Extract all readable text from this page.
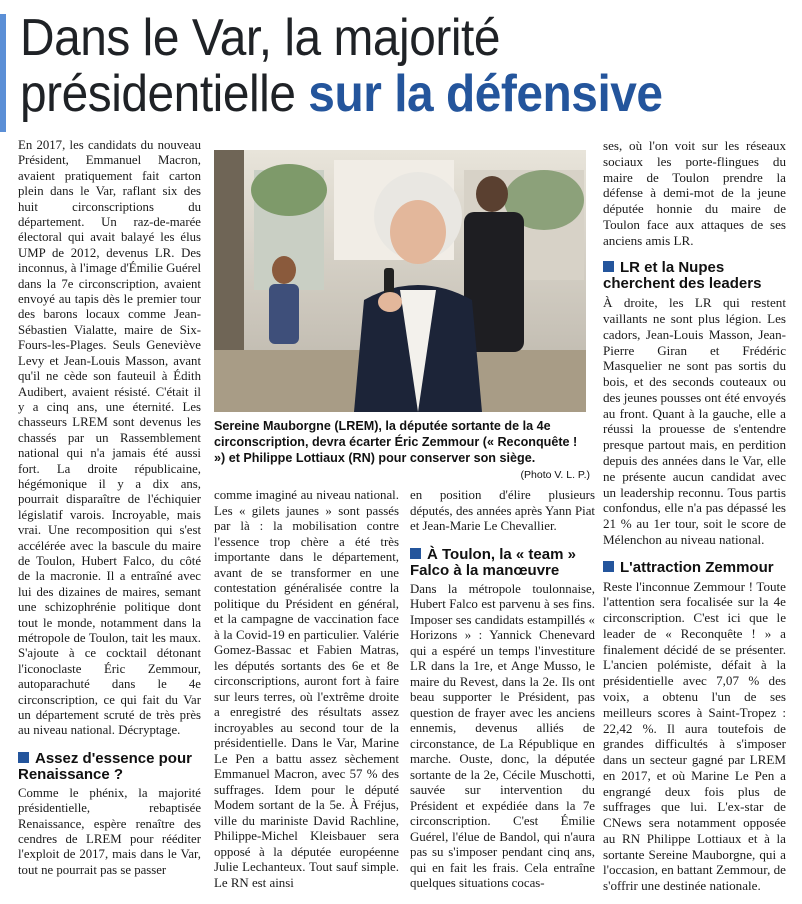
Dans le Var, la majorité
présidentielle sur la défensive

En 2017, les candidats du nouveau Président, Emmanuel Macron, avaient pratiquement fait carton plein dans le Var, raflant six des huit circonscriptions du département. Un raz-de-marée électoral qui avait balayé les élus UMP de 2012, devenus LR. Des inconnus, à l'image d'Émilie Guérel dans la 7e circonscription, avaient envoyé au tapis dès le premier tour des barons locaux comme Jean-Sébastien Vialatte, maire de Six-Fours-les-Plages. Seuls Geneviève Levy et Jean-Louis Masson, avant qu'il ne cède son fauteuil à Édith Audibert, avaient résisté. C'était il y a cinq ans, une éternité. Les chasseurs LREM sont devenus les chassés par un Rassemblement national qui n'a jamais été aussi fort. La droite républicaine, hégémonique il y a dix ans, pourrait disparaître de l'échiquier législatif varois. Incroyable, mais vrai. Une recomposition qui s'est accélérée avec la bascule du maire de Toulon, Hubert Falco, du côté de la macronie. Il a entraîné avec lui des dizaines de maires, semant une schizophrénie politique dont tout le monde, notamment dans la métropole de Toulon, tait les maux. S'ajoute à ce cocktail détonant l'iconoclaste Éric Zemmour, autoparachuté dans le 4e circonscription, ce qui fait du Var un département scruté de très près au niveau national. Décryptage.

Assez d'essence pour Renaissance ?

Comme le phénix, la majorité présidentielle, rebaptisée Renaissance, espère renaître des cendres de LREM pour rééditer l'exploit de 2017, mais dans le Var, tout ne pourrait pas se passer

Sereine Mauborgne (LREM), la députée sortante de la 4e circonscription, devra écarter Éric Zemmour (« Reconquête ! ») et Philippe Lottiaux (RN) pour conserver son siège.
(Photo V. L. P.)

comme imaginé au niveau national. Les « gilets jaunes » sont passés par là : la mobilisation contre l'essence trop chère a été très importante dans le département, avant de se transformer en une contestation généralisée contre la politique du Président en général, et la campagne de vaccination face à la Covid-19 en particulier. Valérie Gomez-Bassac et Fabien Matras, les députés sortants des 6e et 8e circonscriptions, auront fort à faire sur leurs terres, où l'extrême droite a enregistré des résultats assez incroyables au second tour de la présidentielle. Dans le Var, Marine Le Pen a battu assez sèchement Emmanuel Macron, avec 57 % des suffrages. Idem pour le député Modem sortant de la 5e. À Fréjus, ville du mariniste David Rachline, Philippe-Michel Kleisbauer sera opposé à la députée européenne Julie Lechanteux. Tout sauf simple. Le RN est ainsi

en position d'élire plusieurs députés, des années après Yann Piat et Jean-Marie Le Chevallier.

À Toulon, la « team » Falco à la manœuvre

Dans la métropole toulonnaise, Hubert Falco est parvenu à ses fins. Imposer ses candidats estampillés « Horizons » : Yannick Chenevard qui a espéré un temps l'investiture LR dans la 1re, et Ange Musso, le maire du Revest, dans la 2e. Ils ont beau supporter le Président, pas question de frayer avec les anciens ennemis, devenus alliés de circonstance, de La République en marche. Ouste, donc, la députée sortante de la 2e, Cécile Muschotti, sauvée sur intervention du Président et expédiée dans la 7e circonscription. C'est Émilie Guérel, l'élue de Bandol, qui n'aura pas su s'imposer pendant cinq ans, qui en fait les frais. Cela entraîne quelques situations cocas-

ses, où l'on voit sur les réseaux sociaux les porte-flingues du maire de Toulon prendre la défense à demi-mot de la jeune députée honnie du maire de Toulon face aux attaques de ses anciens amis LR.

LR et la Nupes cherchent des leaders

À droite, les LR qui restent vaillants ne sont plus légion. Les cadors, Jean-Louis Masson, Jean-Pierre Giran et Frédéric Masquelier ne sont pas sortis du bois, et des seconds couteaux ou des jeunes pousses ont été envoyés au front. Quant à la gauche, elle a réussi la prouesse de s'entendre presque partout mais, en perdition depuis des années dans le Var, elle ne présente aucun candidat avec un leadership reconnu. Tous partis confondus, elle n'a pas dépassé les 21 % au 1er tour, soit le score de Mélenchon au niveau national.

L'attraction Zemmour

Reste l'inconnue Zemmour ! Toute l'attention sera focalisée sur la 4e circonscription. C'est ici que le leader de « Reconquête ! » a finalement décidé de se présenter. L'ancien polémiste, défait à la présidentielle avec 7,07 % des voix, a obtenu l'un de ses meilleurs scores à Saint-Tropez : 22,42 %. Il aura toutefois de grandes difficultés à s'imposer dans un secteur gagné par LREM en 2017, et où Marine Le Pen a engrangé deux fois plus de suffrages que lui. L'ex-star de CNews sera notamment opposée au RN Philippe Lottiaux et à la sortante Sereine Mauborgne, qui a l'occasion, en battant Zemmour, de s'offrir une destinée nationale.
